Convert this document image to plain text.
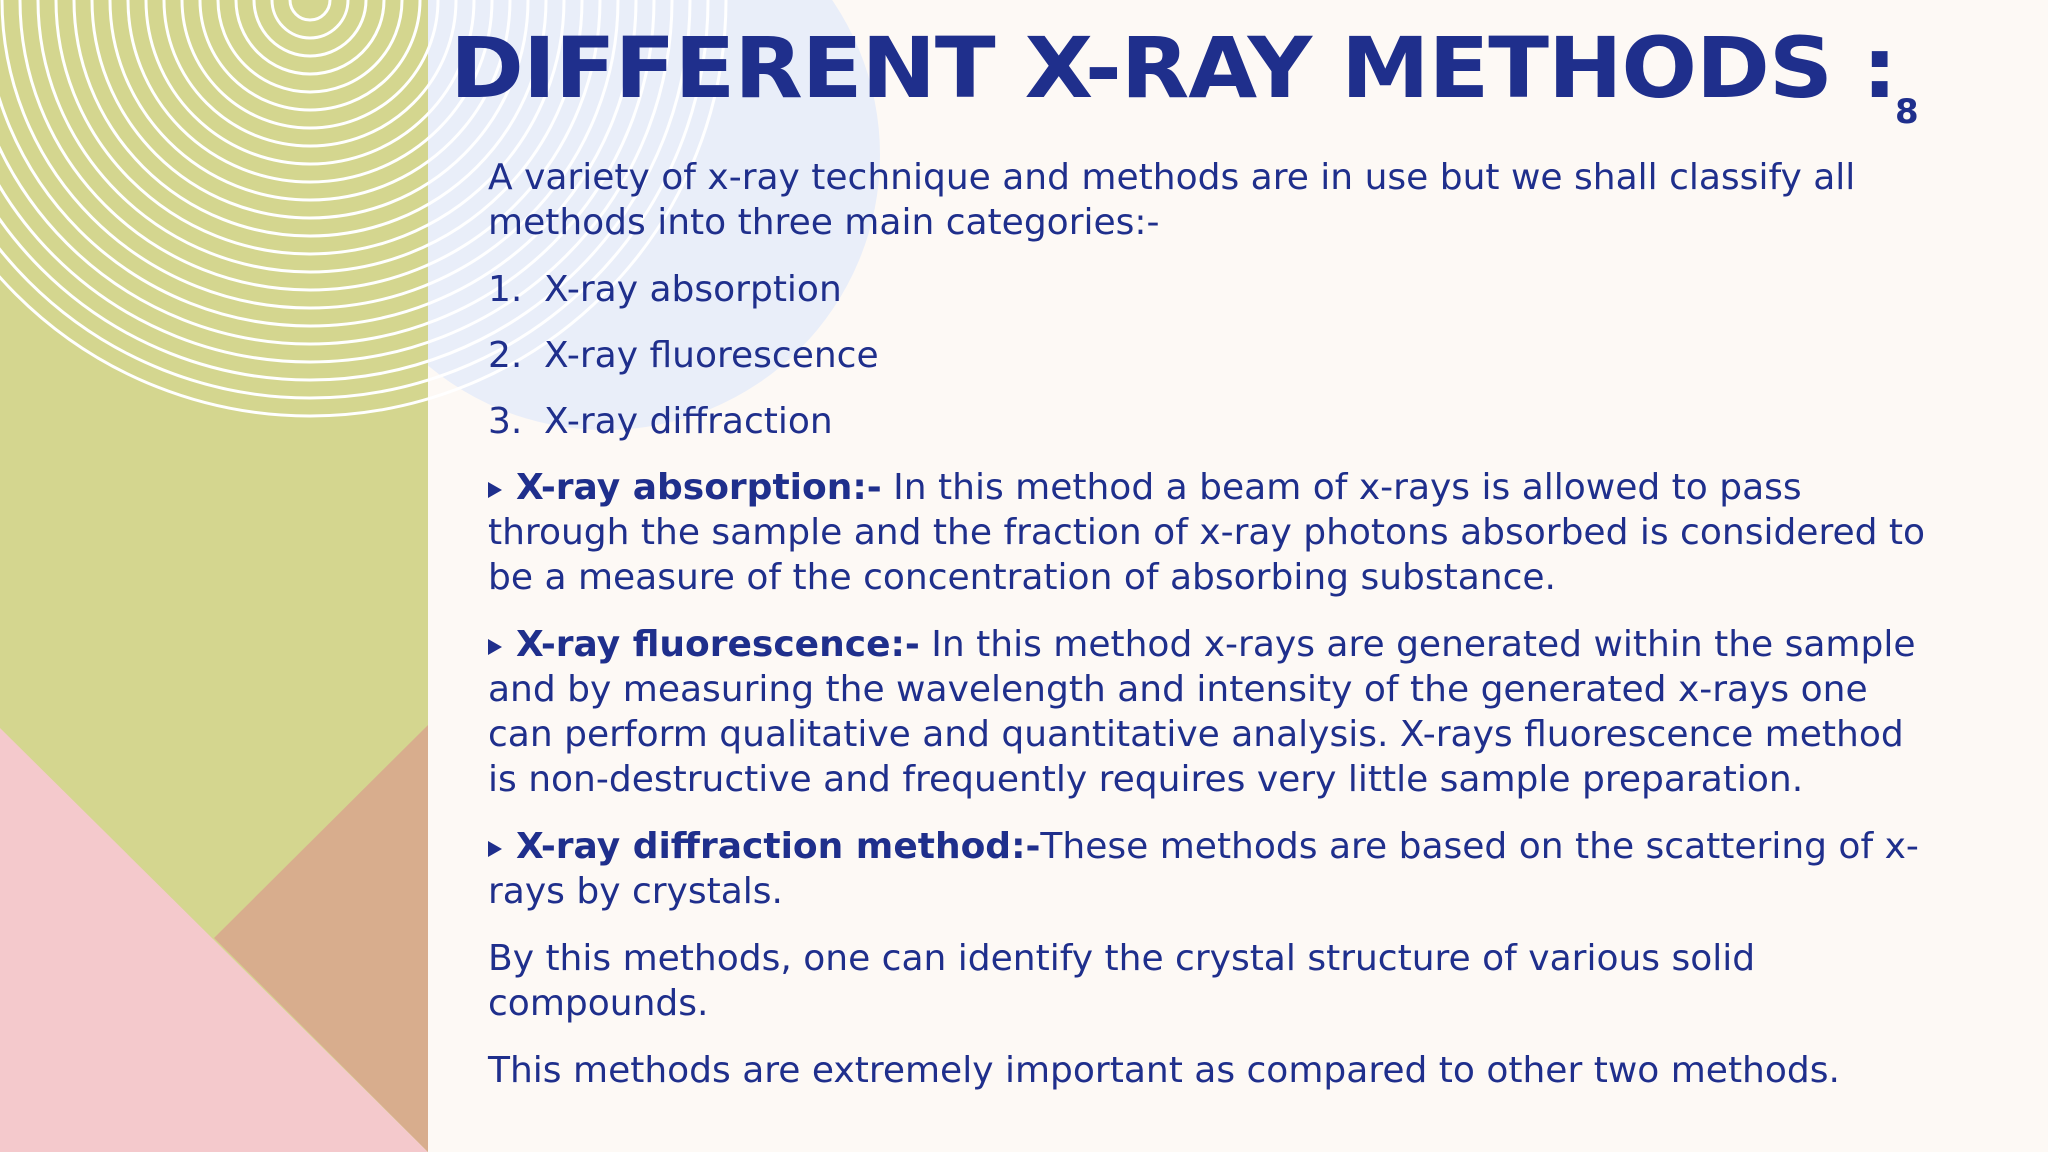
DIFFERENT X-RAY METHODS :
8

A variety of x-ray technique and methods are in use but we shall classify all methods into three main categories:-

1. X-ray absorption
2. X-ray fluorescence
3. X-ray diffraction

X-ray absorption:- In this method a beam of x-rays is allowed to pass through the sample and the fraction of x-ray photons absorbed is considered to be a measure of the concentration of absorbing substance.

X-ray fluorescence:- In this method x-rays are generated within the sample and by measuring the wavelength and intensity of the generated x-rays one can perform qualitative and quantitative analysis. X-rays fluorescence method is non-destructive and frequently requires very little sample preparation.

X-ray diffraction method:-These methods are based on the scattering of x-rays by crystals.

By this methods, one can identify the crystal structure of various solid compounds.

This methods are extremely important as compared to other two methods.
